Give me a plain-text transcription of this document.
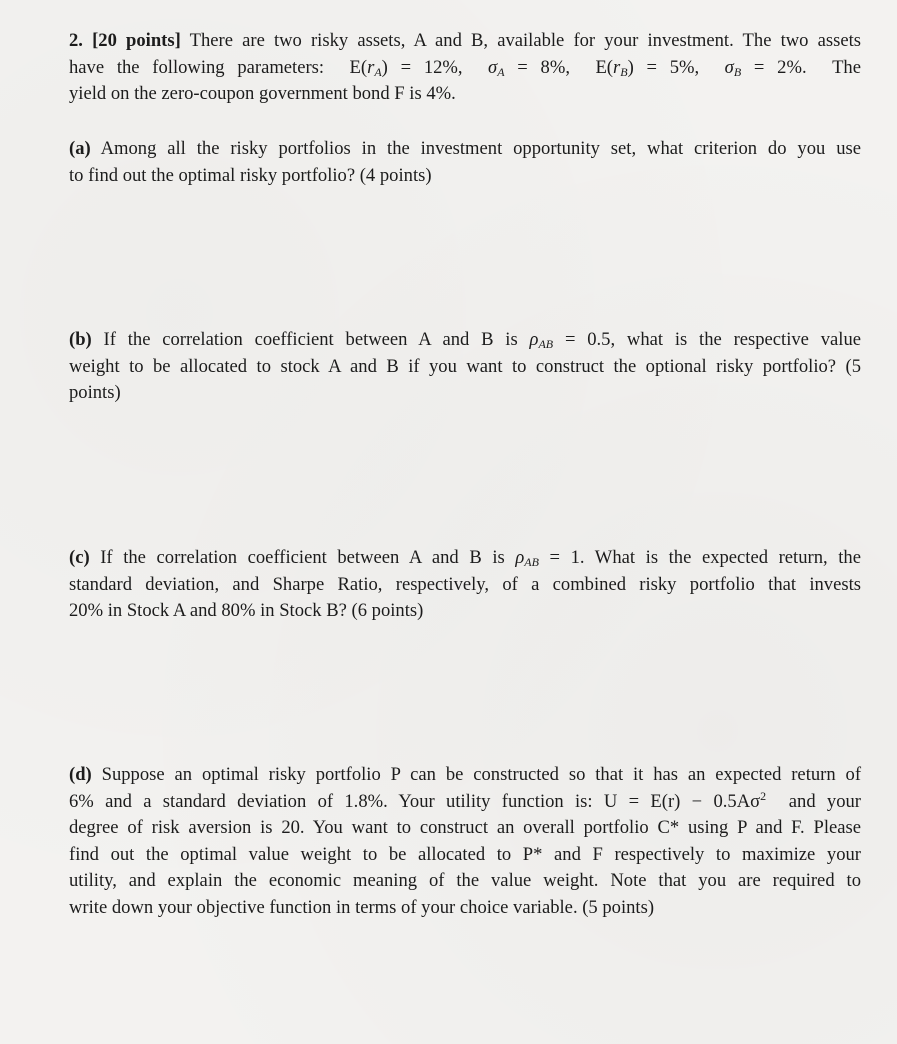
2. [20 points] There are two risky assets, A and B, available for your investment. The two assets
have the following parameters:  $E(r_A) = 12\%$,  $\sigma_A = 8\%$,  $E(r_B) = 5\%$,  $\sigma_B = 2\%$.  The
yield on the zero-coupon government bond F is 4%.
(a) Among all the risky portfolios in the investment opportunity set, what criterion do you use
to find out the optimal risky portfolio? (4 points)
(b) If the correlation coefficient between A and B is $\rho_{AB} = 0.5$, what is the respective value
weight to be allocated to stock A and B if you want to construct the optional risky portfolio? (5
points)
(c) If the correlation coefficient between A and B is $\rho_{AB} = 1$. What is the expected return, the
standard deviation, and Sharpe Ratio, respectively, of a combined risky portfolio that invests
20% in Stock A and 80% in Stock B? (6 points)
(d) Suppose an optimal risky portfolio P can be constructed so that it has an expected return of
6% and a standard deviation of 1.8%. Your utility function is: $U = E(r) - 0.5A\sigma^2$ and your
degree of risk aversion is 20. You want to construct an overall portfolio C* using P and F. Please
find out the optimal value weight to be allocated to P* and F respectively to maximize your
utility, and explain the economic meaning of the value weight. Note that you are required to
write down your objective function in terms of your choice variable. (5 points)
